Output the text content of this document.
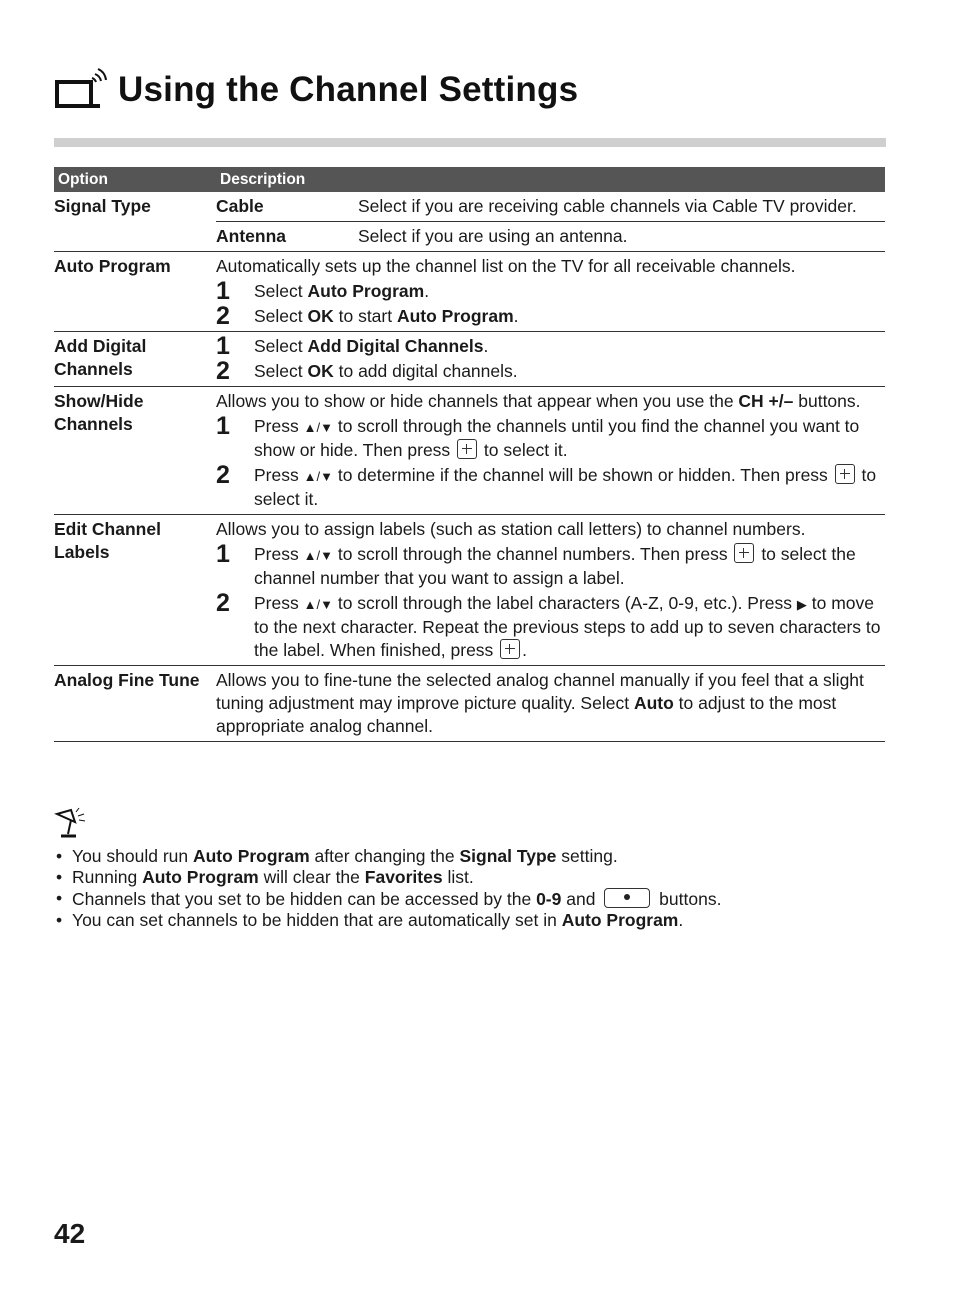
Using the Channel Settings
Option	Description
Signal Type	Cable Select if you are receiving cable channels via Cable TV provider.
Antenna Select if you are using an antenna.

Auto Program	Automatically sets up the channel list on the TV for all receivable channels.
1 Select Auto Program.
2 Select OK to start Auto Program.

Add Digital Channels	1 Select Add Digital Channels.
2 Select OK to add digital channels.

Show/Hide Channels	Allows you to show or hide channels that appear when you use the CH +/– buttons.
1 Press ▲/▼ to scroll through the channels until you find the channel you want to show or hide. Then press  to select it.
2 Press ▲/▼ to determine if the channel will be shown or hidden. Then press  to select it.

Edit Channel Labels	Allows you to assign labels (such as station call letters) to channel numbers.
1 Press ▲/▼ to scroll through the channel numbers. Then press  to select the channel number that you want to assign a label.
2 Press ▲/▼ to scroll through the label characters (A-Z, 0-9, etc.). Press ▶ to move to the next character. Repeat the previous steps to add up to seven characters to the label. When finished, press .

Analog Fine Tune	Allows you to fine-tune the selected analog channel manually if you feel that a slight tuning adjustment may improve picture quality. Select Auto to adjust to the most appropriate analog channel.
• You should run Auto Program after changing the Signal Type setting.
• Running Auto Program will clear the Favorites list.
• Channels that you set to be hidden can be accessed by the 0-9 and	buttons.
• You can set channels to be hidden that are automatically set in Auto Program.
42
